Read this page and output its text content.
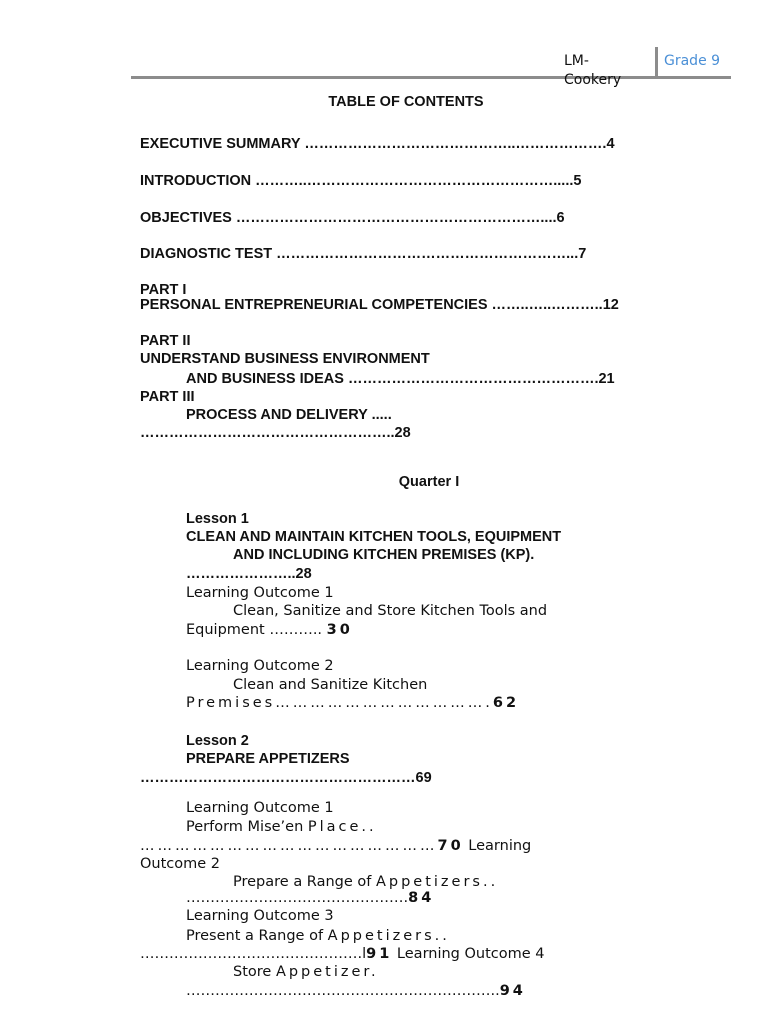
LM-Cookery
Grade 9
TABLE OF CONTENTS
EXECUTIVE SUMMARY ……………………………………..……………….4
INTRODUCTION ………..…………………………………………….....5
OBJECTIVES ………………………………………………………....6
DIAGNOSTIC TEST ……………………………………………………...7
PART I
PERSONAL ENTREPRENEURIAL COMPETENCIES ……..…..………..12
PART II
UNDERSTAND BUSINESS ENVIRONMENT
AND BUSINESS IDEAS …………………………………………….21
PART III
PROCESS AND DELIVERY .....
……………………………………………..28
Quarter I
Lesson 1
CLEAN AND MAINTAIN KITCHEN TOOLS, EQUIPMENT
AND INCLUDING KITCHEN PREMISES (KP).
…………………..28
Learning Outcome 1
Clean, Sanitize and Store Kitchen Tools and
Equipment ……….. 30
Learning Outcome 2
Clean and Sanitize Kitchen
Premises……………………………….62
Lesson 2
PREPARE APPETIZERS
…………………………………………………69
Learning Outcome 1
Perform Mise’en Place..
……………………………………………70 Learning
Outcome 2
Prepare a Range of Appetizers..
……………………………………….84
Learning Outcome 3
Present a Range of Appetizers..
……………………………………….l91 Learning Outcome 4
Store Appetizer.
………………………………………………………..94
